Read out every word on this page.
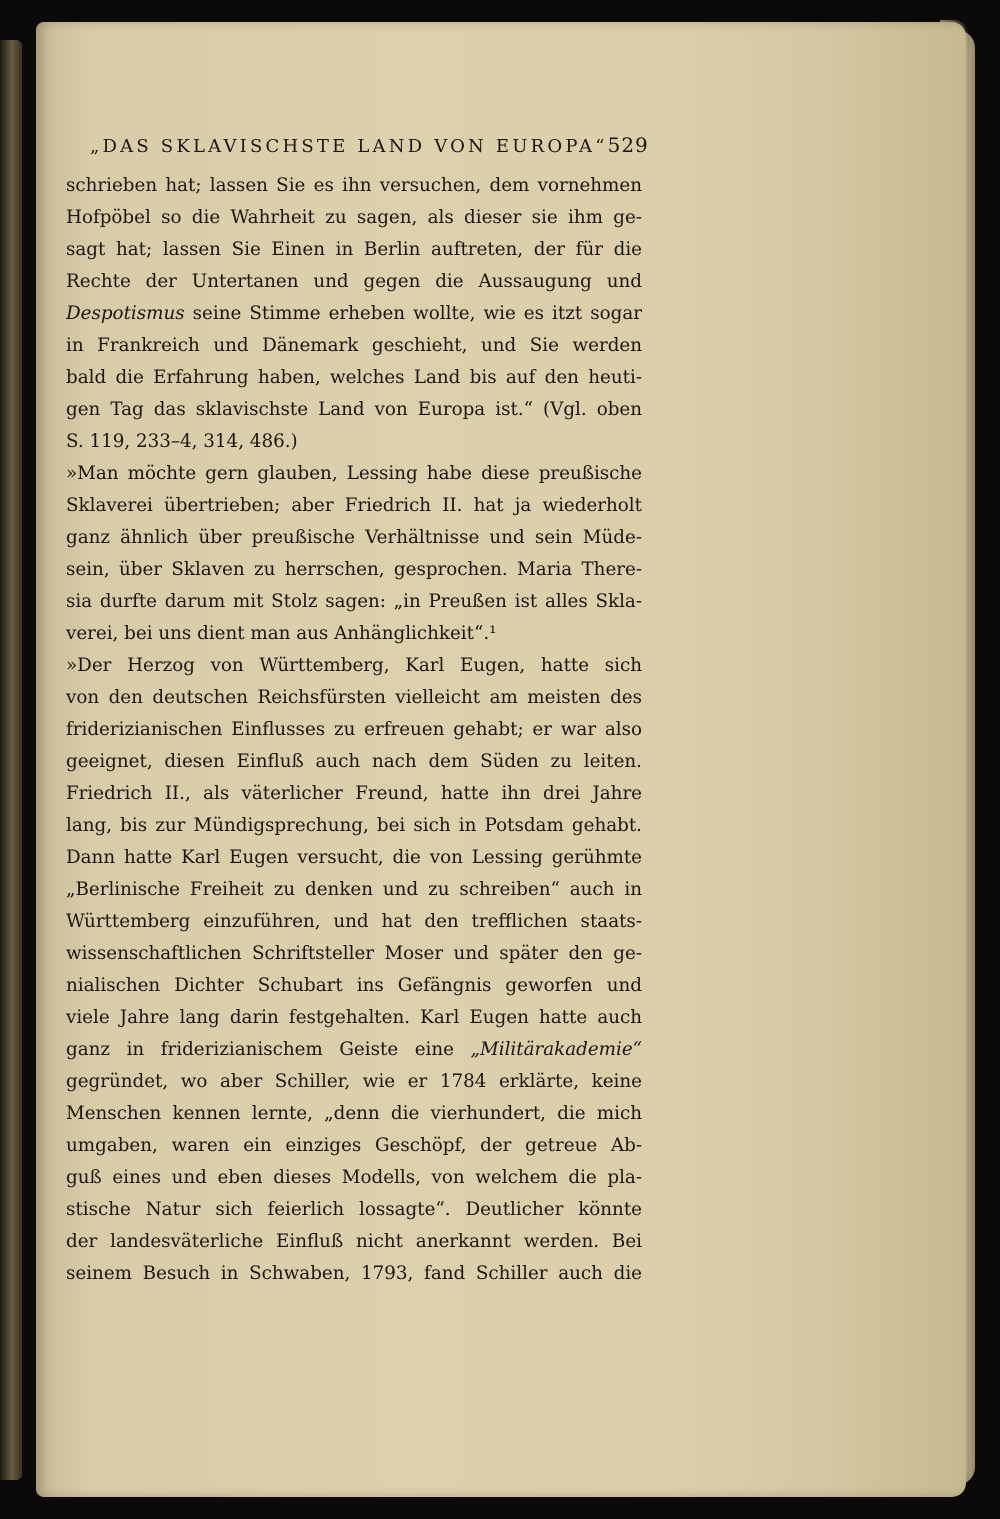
„DAS SKLAVISCHSTE LAND VON EUROPA“ 529
schrieben hat; lassen Sie es ihn versuchen, dem vornehmen
Hofpöbel so die Wahrheit zu sagen, als dieser sie ihm ge-
sagt hat; lassen Sie Einen in Berlin auftreten, der für die
Rechte der Untertanen und gegen die Aussaugung und
Despotismus seine Stimme erheben wollte, wie es itzt sogar
in Frankreich und Dänemark geschieht, und Sie werden
bald die Erfahrung haben, welches Land bis auf den heuti-
gen Tag das sklavischste Land von Europa ist.“ (Vgl. oben
S. 119, 233–4, 314, 486.)
»Man möchte gern glauben, Lessing habe diese preußische
Sklaverei übertrieben; aber Friedrich II. hat ja wiederholt
ganz ähnlich über preußische Verhältnisse und sein Müde-
sein, über Sklaven zu herrschen, gesprochen. Maria There-
sia durfte darum mit Stolz sagen: „in Preußen ist alles Skla-
verei, bei uns dient man aus Anhänglichkeit“.¹
»Der Herzog von Württemberg, Karl Eugen, hatte sich
von den deutschen Reichsfürsten vielleicht am meisten des
friderizianischen Einflusses zu erfreuen gehabt; er war also
geeignet, diesen Einfluß auch nach dem Süden zu leiten.
Friedrich II., als väterlicher Freund, hatte ihn drei Jahre
lang, bis zur Mündigsprechung, bei sich in Potsdam gehabt.
Dann hatte Karl Eugen versucht, die von Lessing gerühmte
„Berlinische Freiheit zu denken und zu schreiben“ auch in
Württemberg einzuführen, und hat den trefflichen staats-
wissenschaftlichen Schriftsteller Moser und später den ge-
nialischen Dichter Schubart ins Gefängnis geworfen und
viele Jahre lang darin festgehalten. Karl Eugen hatte auch
ganz in friderizianischem Geiste eine „Militärakademie“
gegründet, wo aber Schiller, wie er 1784 erklärte, keine
Menschen kennen lernte, „denn die vierhundert, die mich
umgaben, waren ein einziges Geschöpf, der getreue Ab-
guß eines und eben dieses Modells, von welchem die pla-
stische Natur sich feierlich lossagte“. Deutlicher könnte
der landesväterliche Einfluß nicht anerkannt werden. Bei
seinem Besuch in Schwaben, 1793, fand Schiller auch die
